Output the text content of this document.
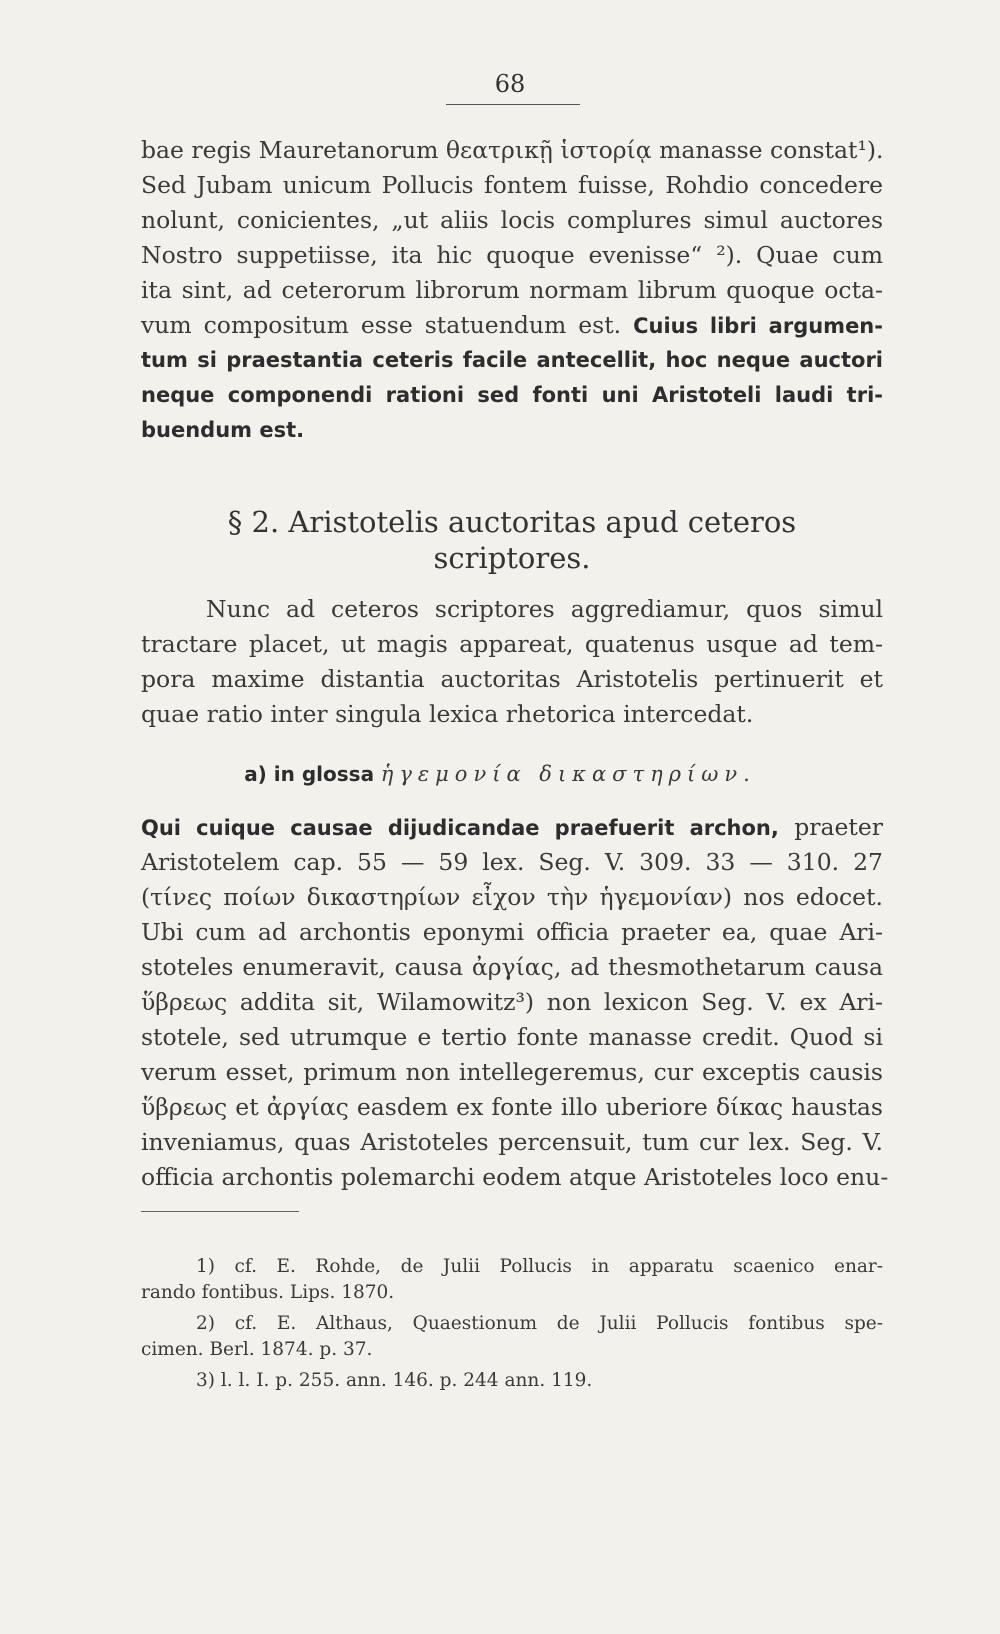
68
bae regis Mauretanorum θεατρικῇ ἱστορίᾳ manasse constat¹).
Sed Jubam unicum Pollucis fontem fuisse, Rohdio concedere
nolunt, conicientes, „ut aliis locis complures simul auctores
Nostro suppetiisse, ita hic quoque evenisse“ ²). Quae cum
ita sint, ad ceterorum librorum normam librum quoque octa-
vum compositum esse statuendum est. Cuius libri argumen-
tum si praestantia ceteris facile antecellit, hoc neque auctori
neque componendi rationi sed fonti uni Aristoteli laudi tri-
buendum est.
§ 2. Aristotelis auctoritas apud ceteros
scriptores.
Nunc ad ceteros scriptores aggrediamur, quos simul
tractare placet, ut magis appareat, quatenus usque ad tem-
pora maxime distantia auctoritas Aristotelis pertinuerit et
quae ratio inter singula lexica rhetorica intercedat.
a) in glossa ἡγεμονία δικαστηρίων.
Qui cuique causae dijudicandae praefuerit archon, praeter
Aristotelem cap. 55 — 59 lex. Seg. V. 309. 33 — 310. 27
(τίνες ποίων δικαστηρίων εἶχον τὴν ἡγεμονίαν) nos edocet.
Ubi cum ad archontis eponymi officia praeter ea, quae Ari-
stoteles enumeravit, causa ἀργίας, ad thesmothetarum causa
ὕβρεως addita sit, Wilamowitz³) non lexicon Seg. V. ex Ari-
stotele, sed utrumque e tertio fonte manasse credit. Quod si
verum esset, primum non intellegeremus, cur exceptis causis
ὕβρεως et ἀργίας easdem ex fonte illo uberiore δίκας haustas
inveniamus, quas Aristoteles percensuit, tum cur lex. Seg. V.
officia archontis polemarchi eodem atque Aristoteles loco enu-
1) cf. E. Rohde, de Julii Pollucis in apparatu scaenico enar-
rando fontibus. Lips. 1870.
2) cf. E. Althaus, Quaestionum de Julii Pollucis fontibus spe-
cimen. Berl. 1874. p. 37.
3) l. l. I. p. 255. ann. 146. p. 244 ann. 119.
